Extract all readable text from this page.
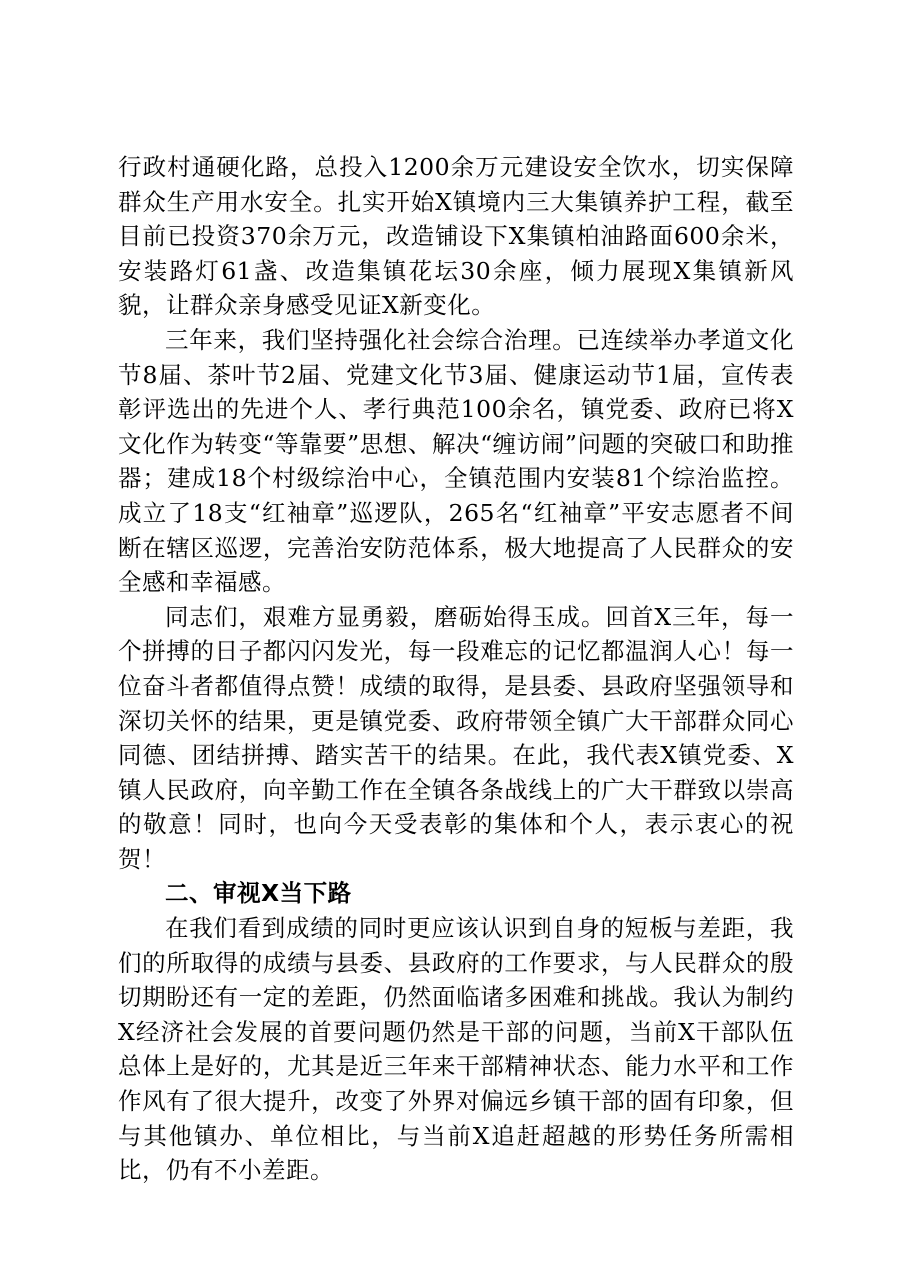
行政村通硬化路，总投入1200余万元建设安全饮水，切实保障群众生产用水安全。扎实开始X镇境内三大集镇养护工程，截至目前已投资370余万元，改造铺设下X集镇柏油路面600余米，安装路灯61盏、改造集镇花坛30余座，倾力展现X集镇新风貌，让群众亲身感受见证X新变化。

三年来，我们坚持强化社会综合治理。已连续举办孝道文化节8届、茶叶节2届、党建文化节3届、健康运动节1届，宣传表彰评选出的先进个人、孝行典范100余名，镇党委、政府已将X文化作为转变“等靠要”思想、解决“缠访闹”问题的突破口和助推器；建成18个村级综治中心，全镇范围内安装81个综治监控。成立了18支“红袖章”巡逻队，265名“红袖章”平安志愿者不间断在辖区巡逻，完善治安防范体系，极大地提高了人民群众的安全感和幸福感。

同志们，艰难方显勇毅，磨砺始得玉成。回首X三年，每一个拼搏的日子都闪闪发光，每一段难忘的记忆都温润人心！每一位奋斗者都值得点赞！成绩的取得，是县委、县政府坚强领导和深切关怀的结果，更是镇党委、政府带领全镇广大干部群众同心同德、团结拼搏、踏实苦干的结果。在此，我代表X镇党委、X镇人民政府，向辛勤工作在全镇各条战线上的广大干群致以崇高的敬意！同时，也向今天受表彰的集体和个人，表示衷心的祝贺！

二、审视X当下路

在我们看到成绩的同时更应该认识到自身的短板与差距，我们的所取得的成绩与县委、县政府的工作要求，与人民群众的殷切期盼还有一定的差距，仍然面临诸多困难和挑战。我认为制约X经济社会发展的首要问题仍然是干部的问题，当前X干部队伍总体上是好的，尤其是近三年来干部精神状态、能力水平和工作作风有了很大提升，改变了外界对偏远乡镇干部的固有印象，但与其他镇办、单位相比，与当前X追赶超越的形势任务所需相比，仍有不小差距。
